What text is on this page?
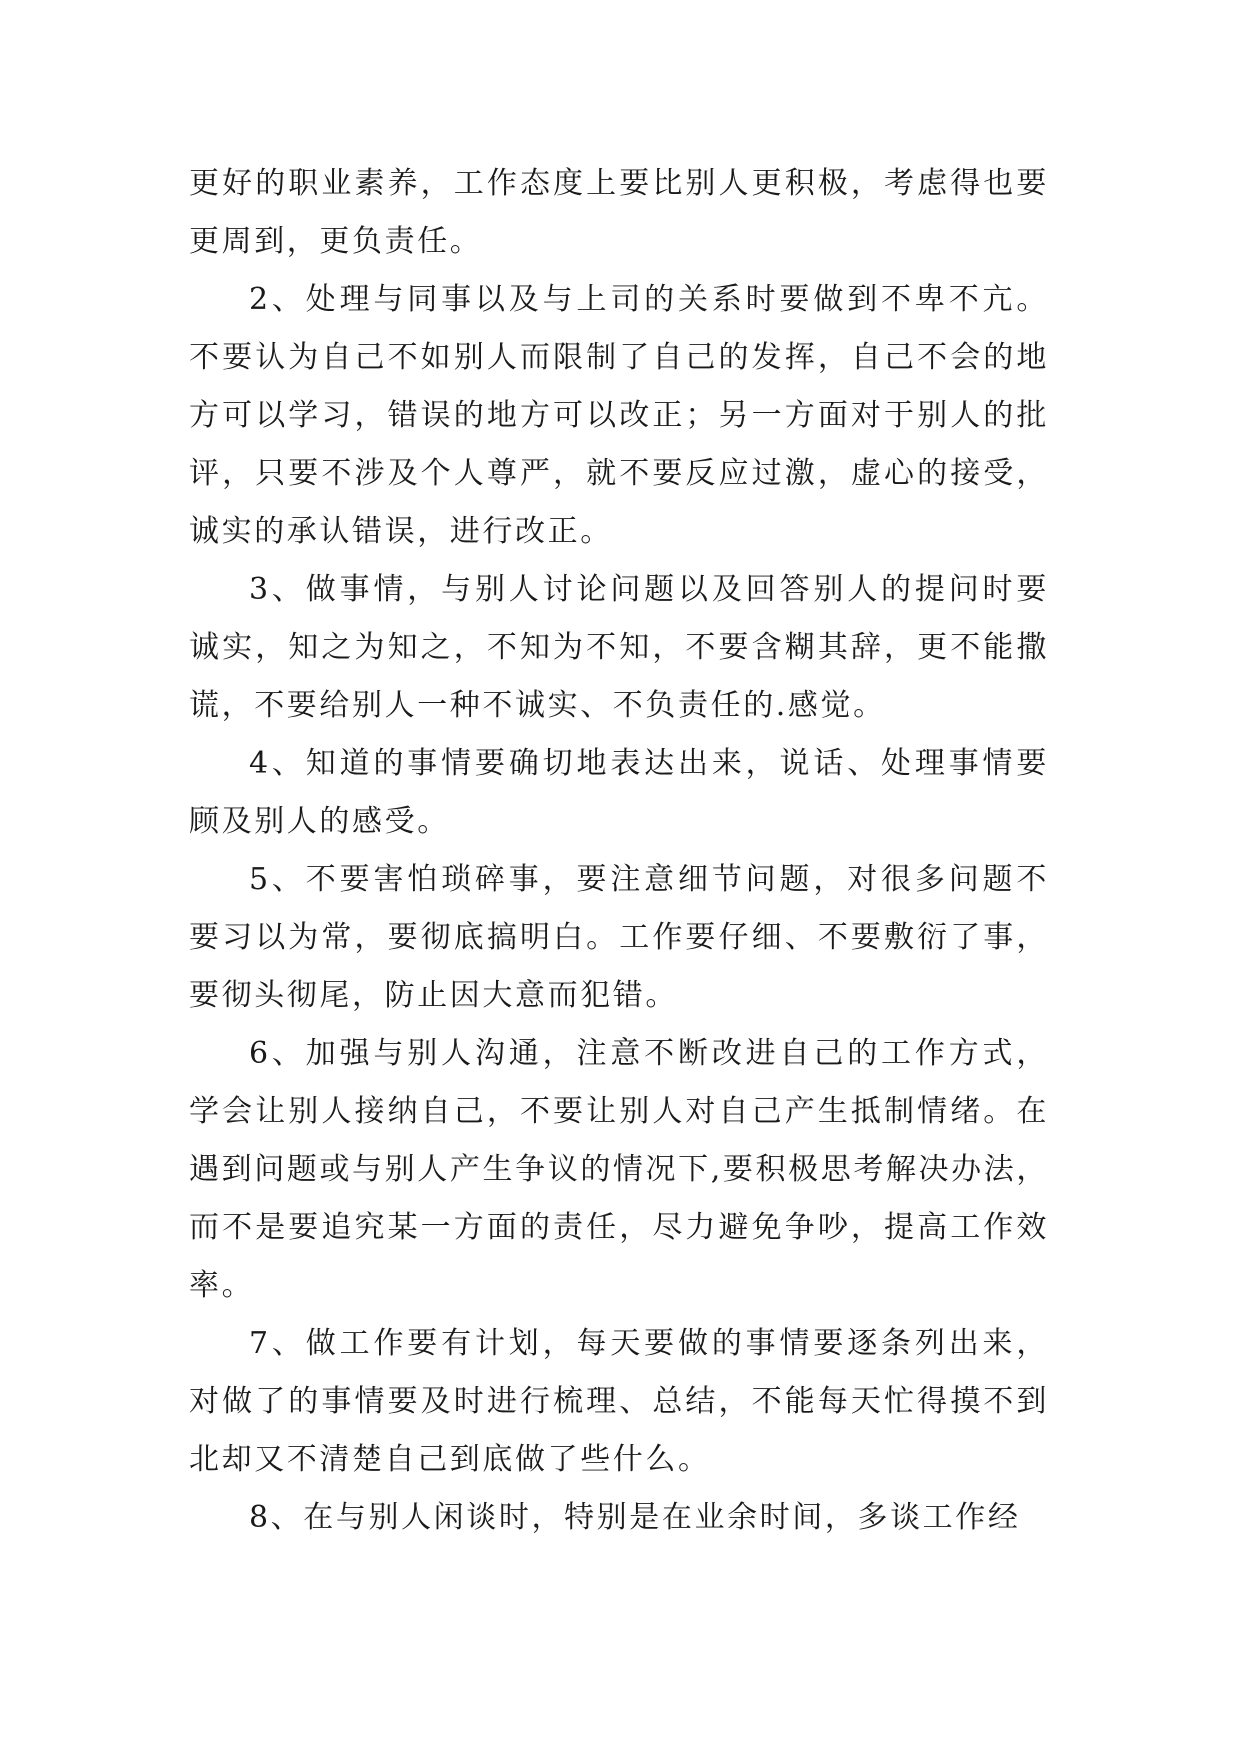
更好的职业素养，工作态度上要比别人更积极，考虑得也要更周到，更负责任。

2、处理与同事以及与上司的关系时要做到不卑不亢。不要认为自己不如别人而限制了自己的发挥，自己不会的地方可以学习，错误的地方可以改正；另一方面对于别人的批评，只要不涉及个人尊严，就不要反应过激，虚心的接受，诚实的承认错误，进行改正。

3、做事情，与别人讨论问题以及回答别人的提问时要诚实，知之为知之，不知为不知，不要含糊其辞，更不能撒谎，不要给别人一种不诚实、不负责任的.感觉。

4、知道的事情要确切地表达出来，说话、处理事情要顾及别人的感受。

5、不要害怕琐碎事，要注意细节问题，对很多问题不要习以为常，要彻底搞明白。工作要仔细、不要敷衍了事，要彻头彻尾，防止因大意而犯错。

6、加强与别人沟通，注意不断改进自己的工作方式，学会让别人接纳自己，不要让别人对自己产生抵制情绪。在遇到问题或与别人产生争议的情况下,要积极思考解决办法，而不是要追究某一方面的责任，尽力避免争吵，提高工作效率。

7、做工作要有计划，每天要做的事情要逐条列出来，对做了的事情要及时进行梳理、总结，不能每天忙得摸不到北却又不清楚自己到底做了些什么。

8、在与别人闲谈时，特别是在业余时间，多谈工作经
